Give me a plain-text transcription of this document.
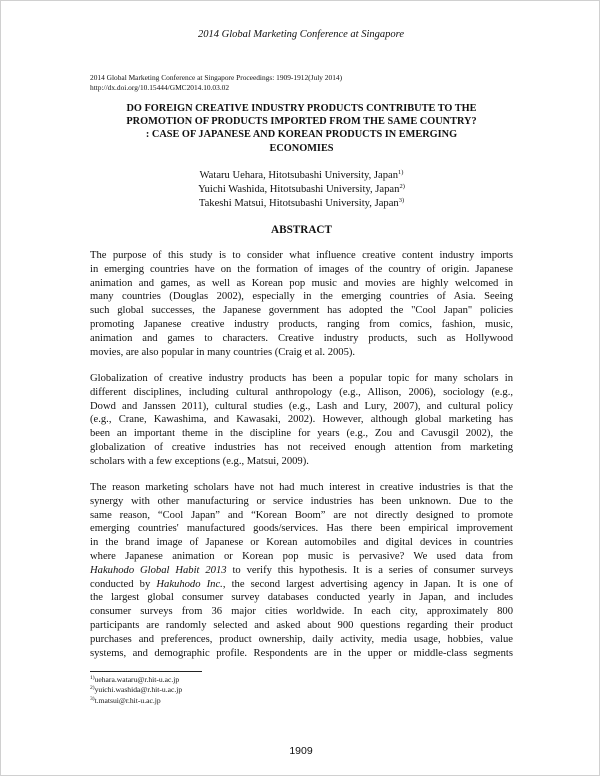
2014 Global Marketing Conference at Singapore
2014 Global Marketing Conference at Singapore Proceedings: 1909-1912(July 2014)
http://dx.doi.org/10.15444/GMC2014.10.03.02
DO FOREIGN CREATIVE INDUSTRY PRODUCTS CONTRIBUTE TO THE
PROMOTION OF PRODUCTS IMPORTED FROM THE SAME COUNTRY?
: CASE OF JAPANESE AND KOREAN PRODUCTS IN EMERGING
ECONOMIES
Wataru Uehara, Hitotsubashi University, Japan$^{1)}$
Yuichi Washida, Hitotsubashi University, Japan$^{2)}$
Takeshi Matsui, Hitotsubashi University, Japan$^{3)}$
ABSTRACT
The purpose of this study is to consider what influence creative content industry imports
in emerging countries have on the formation of images of the country of origin. Japanese
animation and games, as well as Korean pop music and movies are highly welcomed in
many countries (Douglas 2002), especially in the emerging countries of Asia. Seeing
such global successes, the Japanese government has adopted the "Cool Japan" policies
promoting Japanese creative industry products, ranging from comics, fashion, music,
animation and games to characters. Creative industry products, such as Hollywood
movies, are also popular in many countries (Craig et al. 2005).
Globalization of creative industry products has been a popular topic for many scholars in
different disciplines, including cultural anthropology (e.g., Allison, 2006), sociology (e.g.,
Dowd and Janssen 2011), cultural studies (e.g., Lash and Lury, 2007), and cultural policy
(e.g., Crane, Kawashima, and Kawasaki, 2002). However, although global marketing has
been an important theme in the discipline for years (e.g., Zou and Cavusgil 2002), the
globalization of creative industries has not received enough attention from marketing
scholars with a few exceptions (e.g., Matsui, 2009).
The reason marketing scholars have not had much interest in creative industries is that the
synergy with other manufacturing or service industries has been unknown. Due to the
same reason, “Cool Japan” and “Korean Boom” are not directly designed to promote
emerging countries' manufactured goods/services. Has there been empirical improvement
in the brand image of Japanese or Korean automobiles and digital devices in countries
where Japanese animation or Korean pop music is pervasive? We used data from
Hakuhodo Global Habit 2013 to verify this hypothesis. It is a series of consumer surveys
conducted by Hakuhodo Inc., the second largest advertising agency in Japan. It is one of
the largest global consumer survey databases conducted yearly in Japan, and includes
consumer surveys from 36 major cities worldwide. In each city, approximately 800
participants are randomly selected and asked about 900 questions regarding their product
purchases and preferences, product ownership, daily activity, media usage, hobbies, value
systems, and demographic profile. Respondents are in the upper or middle-class segments
$^{1)}$uehara.wataru@r.hit-u.ac.jp
$^{2)}$yuichi.washida@r.hit-u.ac.jp
$^{3)}$t.matsui@r.hit-u.ac.jp
1909
